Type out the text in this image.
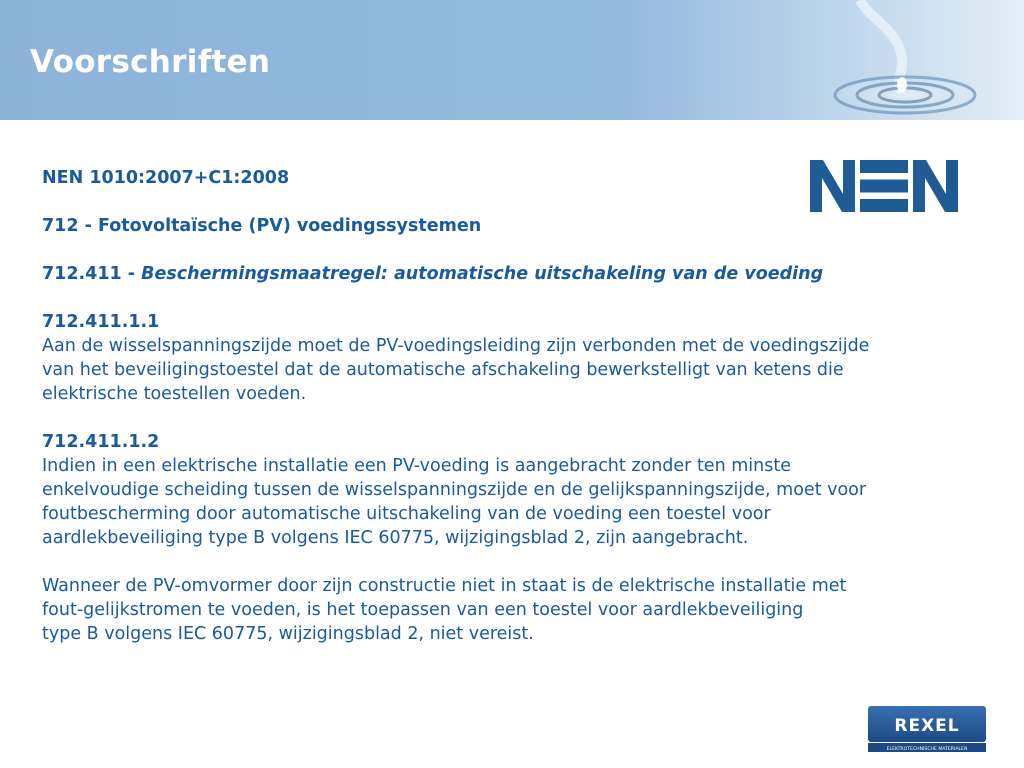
Voorschriften

NEN 1010:2007+C1:2008

712 - Fotovoltaïsche (PV) voedingssystemen

712.411 - Beschermingsmaatregel: automatische uitschakeling van de voeding

712.411.1.1

Aan de wisselspanningszijde moet de PV-voedingsleiding zijn verbonden met de voedingszijde

van het beveiligingstoestel dat de automatische afschakeling bewerkstelligt van ketens die

elektrische toestellen voeden.

712.411.1.2

Indien in een elektrische installatie een PV-voeding is aangebracht zonder ten minste

enkelvoudige scheiding tussen de wisselspanningszijde en de gelijkspanningszijde, moet voor

foutbescherming door automatische uitschakeling van de voeding een toestel voor

aardlekbeveiliging type B volgens IEC 60775, wijzigingsblad 2, zijn aangebracht.

Wanneer de PV-omvormer door zijn constructie niet in staat is de elektrische installatie met

fout-gelijkstromen te voeden, is het toepassen van een toestel voor aardlekbeveiliging

type B volgens IEC 60775, wijzigingsblad 2, niet vereist.

REXEL
ELEKTROTECHNISCHE MATERIALEN
